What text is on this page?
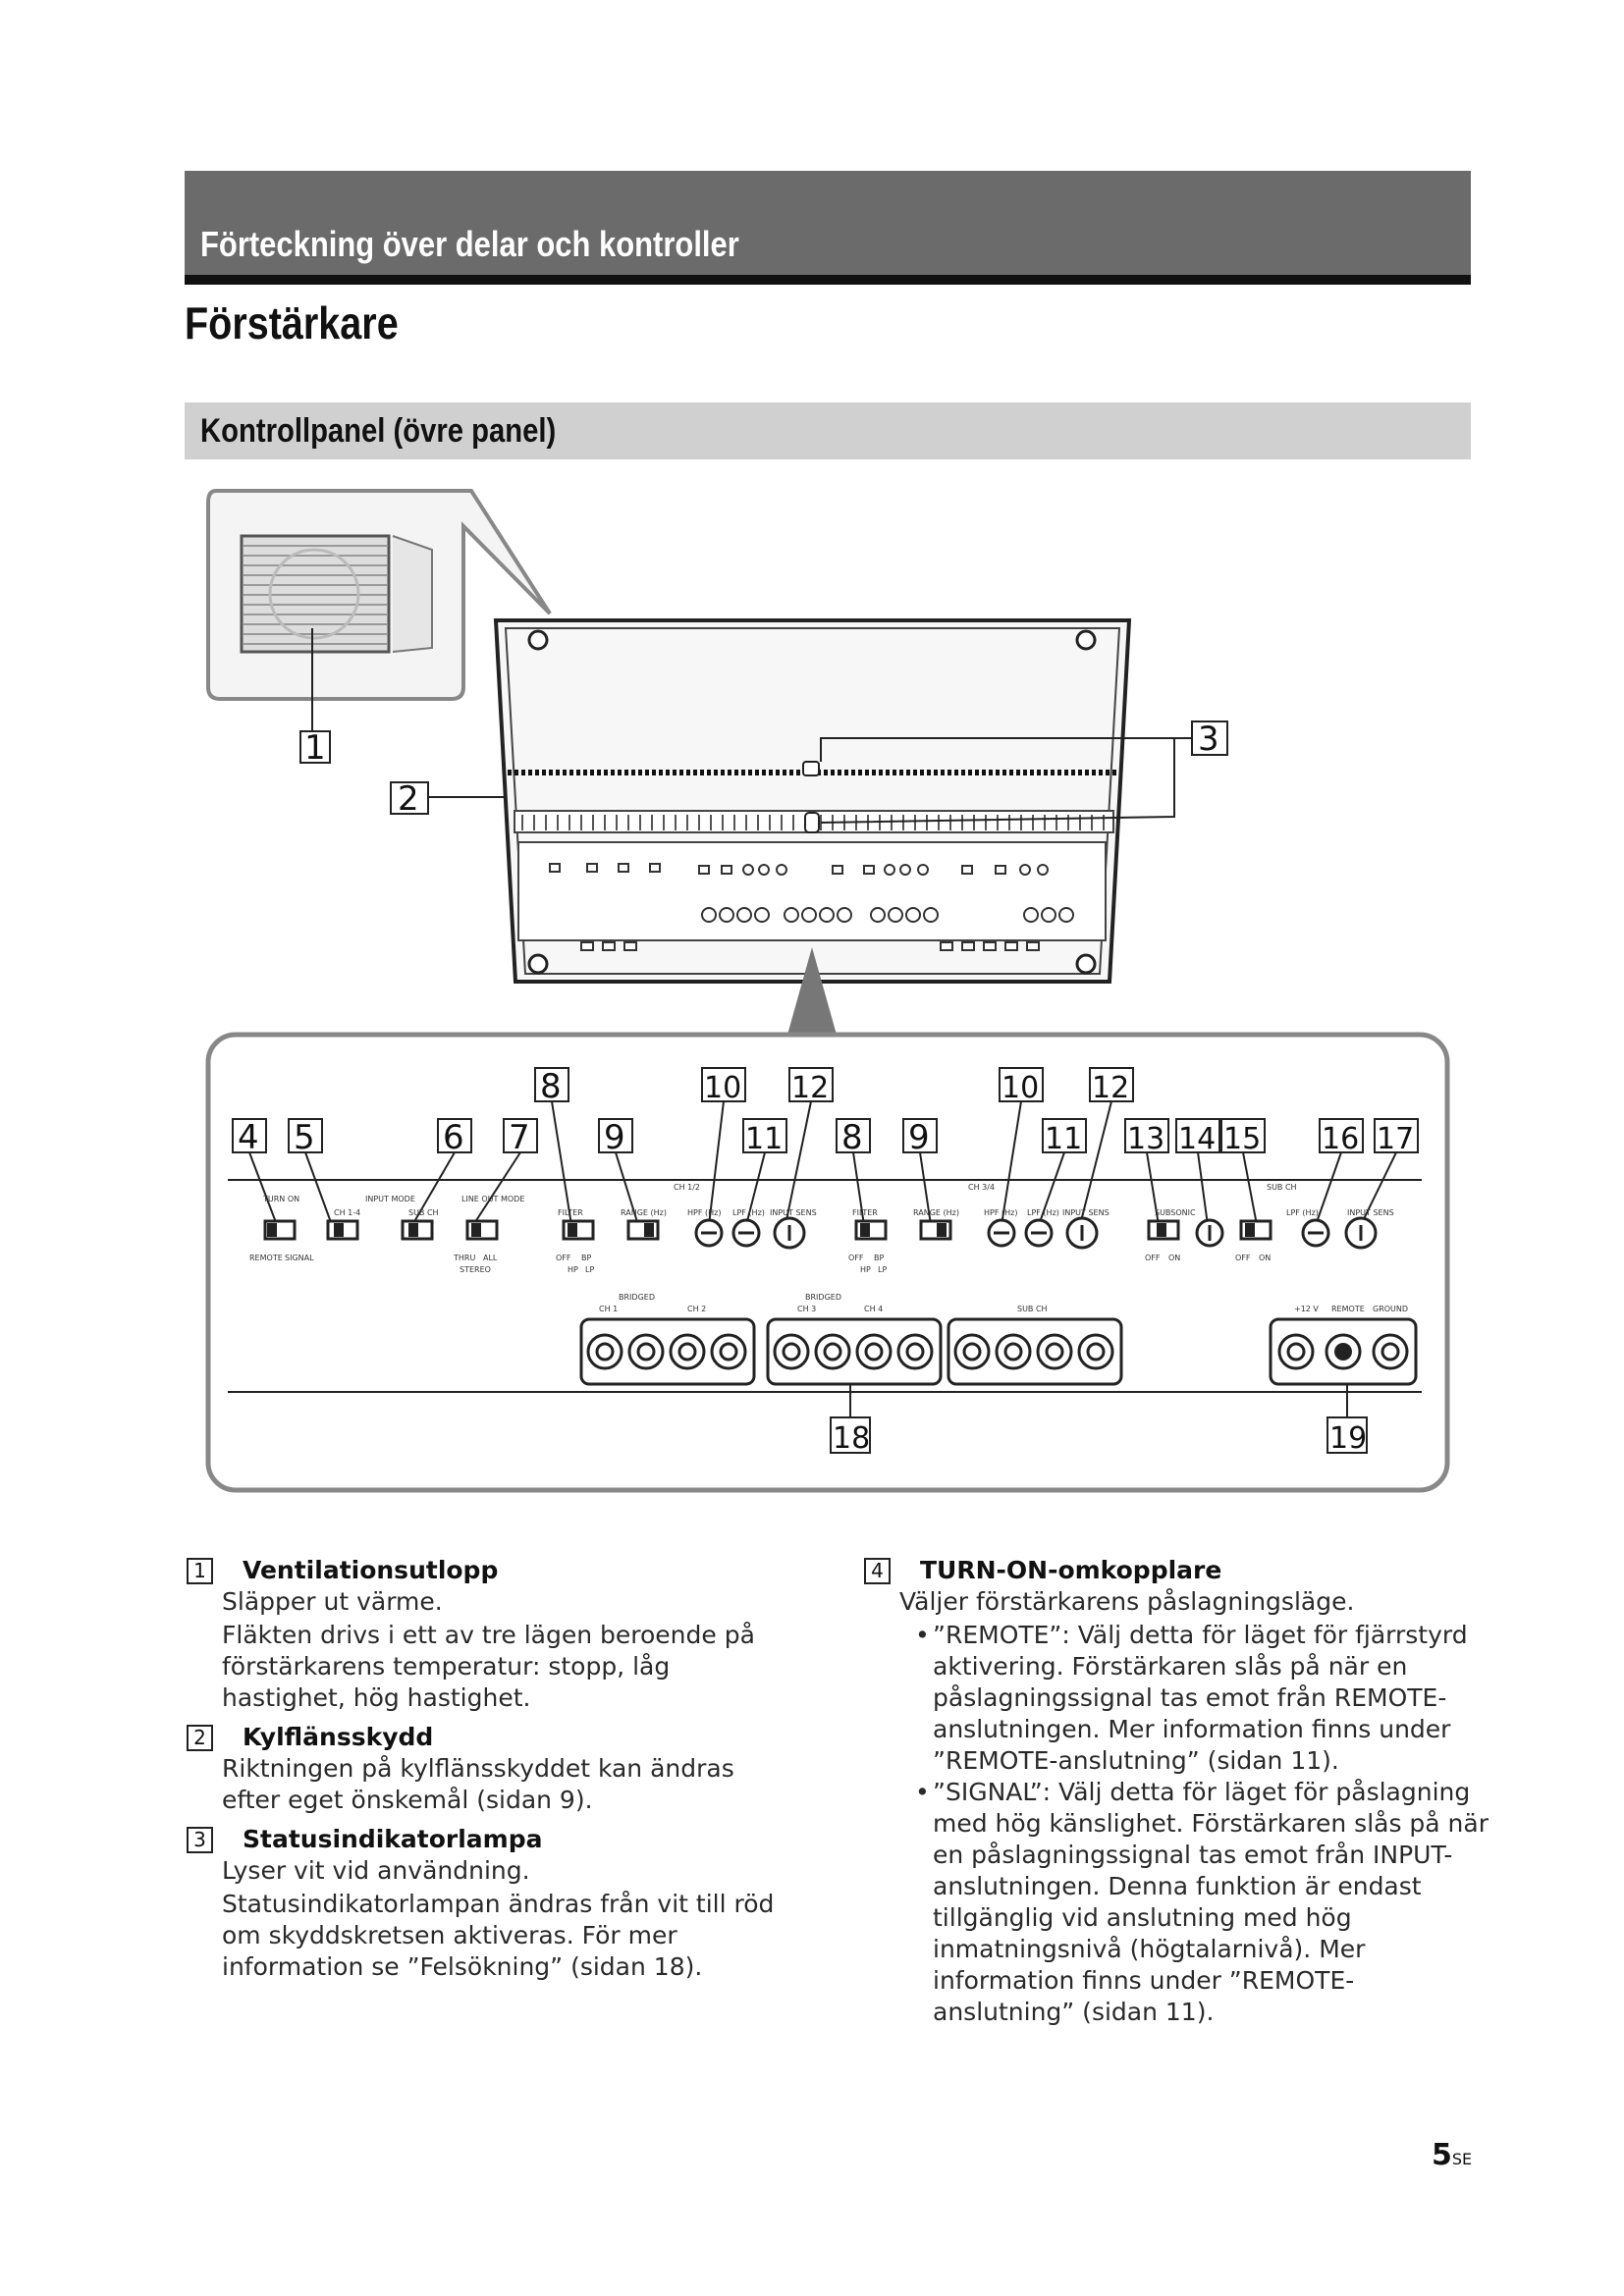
Förteckning över delar och kontroller
Förstärkare
Kontrollpanel (övre panel)
1
2
3
8	10 12	10 12
4 5	6 7 9	11 8 9	11 13 14 15 16 17
TURN ON	INPUT MODE
CH 1-4	SUB CH
LINE OUT MODE
CH 1/2	CH 3/4	SUB CH
FILTER	RANGE (Hz)	HPF (Hz) LPF (Hz) INPUT SENS	FILTER	RANGE (Hz)	HPF (Hz) LPF (Hz) INPUT SENS	SUBSONIC	LPF (Hz)	INPUT SENS
REMOTE SIGNAL	THRU ALL
STEREO
OFF BP
HP LP
OFF BP
HP LP
OFF ON	OFF ON
BRIDGED
CH 1	CH 2
BRIDGED
CH 3	CH 4	SUB CH	+12 V REMOTE GROUND
18	19
1 Ventilationsutlopp

Släpper ut värme.

Fläkten drivs i ett av tre lägen beroende på förstärkarens temperatur: stopp, låg hastighet, hög hastighet.

2 Kylflänsskydd

Riktningen på kylflänsskyddet kan ändras efter eget önskemål (sidan 9).

3 Statusindikatorlampa

Lyser vit vid användning.

Statusindikatorlampan ändras från vit till röd om skyddskretsen aktiveras. För mer information se ”Felsökning” (sidan 18).

4 TURN-ON-omkopplare

Väljer förstärkarens påslagningsläge.

• ”REMOTE”: Välj detta för läget för fjärrstyrd aktivering. Förstärkaren slås på när en påslagningssignal tas emot från REMOTE-anslutningen. Mer information finns under ”REMOTE-anslutning” (sidan 11).
• ”SIGNAL”: Välj detta för läget för påslagning med hög känslighet. Förstärkaren slås på när en påslagningssignal tas emot från INPUT-anslutningen. Denna funktion är endast tillgänglig vid anslutning med hög inmatningsnivå (högtalarnivå). Mer information finns under ”REMOTE-anslutning” (sidan 11).
5SE
